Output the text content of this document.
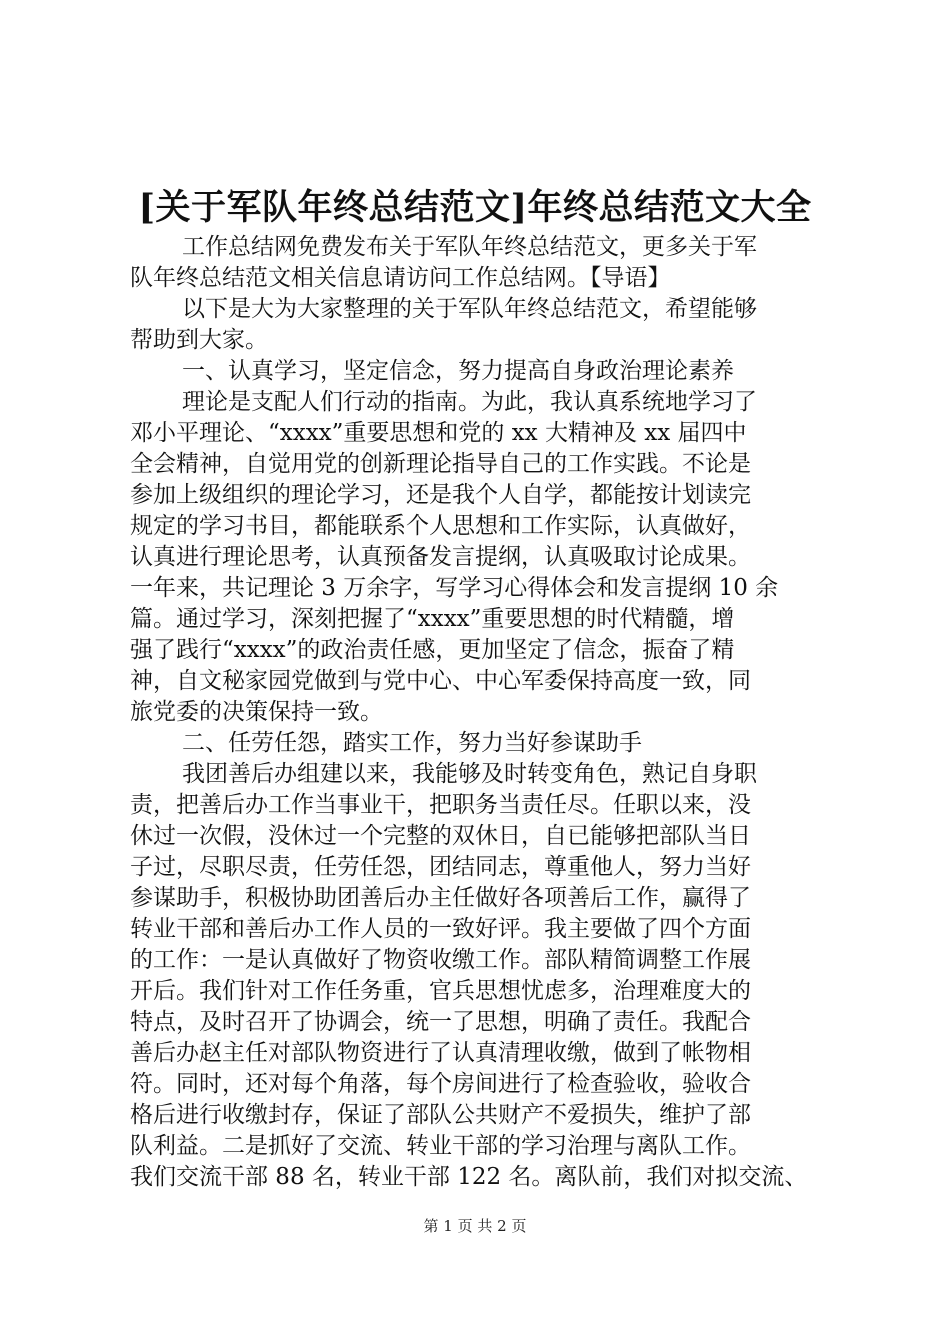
[关于军队年终总结范文]年终总结范文大全
工作总结网免费发布关于军队年终总结范文，更多关于军
队年终总结范文相关信息请访问工作总结网。【导语】
以下是大为大家整理的关于军队年终总结范文，希望能够
帮助到大家。
一、认真学习，坚定信念，努力提高自身政治理论素养
理论是支配人们行动的指南。为此，我认真系统地学习了
邓小平理论、“xxxx”重要思想和党的 xx 大精神及 xx 届四中
全会精神，自觉用党的创新理论指导自己的工作实践。不论是
参加上级组织的理论学习，还是我个人自学，都能按计划读完
规定的学习书目，都能联系个人思想和工作实际，认真做好，
认真进行理论思考，认真预备发言提纲，认真吸取讨论成果。
一年来，共记理论 3 万余字，写学习心得体会和发言提纲 10 余
篇。通过学习，深刻把握了“xxxx”重要思想的时代精髓，增
强了践行“xxxx”的政治责任感，更加坚定了信念，振奋了精
神，自文秘家园党做到与党中心、中心军委保持高度一致，同
旅党委的决策保持一致。
二、任劳任怨，踏实工作，努力当好参谋助手
我团善后办组建以来，我能够及时转变角色，熟记自身职
责，把善后办工作当事业干，把职务当责任尽。任职以来，没
休过一次假，没休过一个完整的双休日，自已能够把部队当日
子过，尽职尽责，任劳任怨，团结同志，尊重他人，努力当好
参谋助手，积极协助团善后办主任做好各项善后工作，赢得了
转业干部和善后办工作人员的一致好评。我主要做了四个方面
的工作：一是认真做好了物资收缴工作。部队精简调整工作展
开后。我们针对工作任务重，官兵思想忧虑多，治理难度大的
特点，及时召开了协调会，统一了思想，明确了责任。我配合
善后办赵主任对部队物资进行了认真清理收缴，做到了帐物相
符。同时，还对每个角落，每个房间进行了检查验收，验收合
格后进行收缴封存，保证了部队公共财产不爱损失，维护了部
队利益。二是抓好了交流、转业干部的学习治理与离队工作。
我们交流干部 88 名，转业干部 122 名。离队前，我们对拟交流、
第 1 页 共 2 页
